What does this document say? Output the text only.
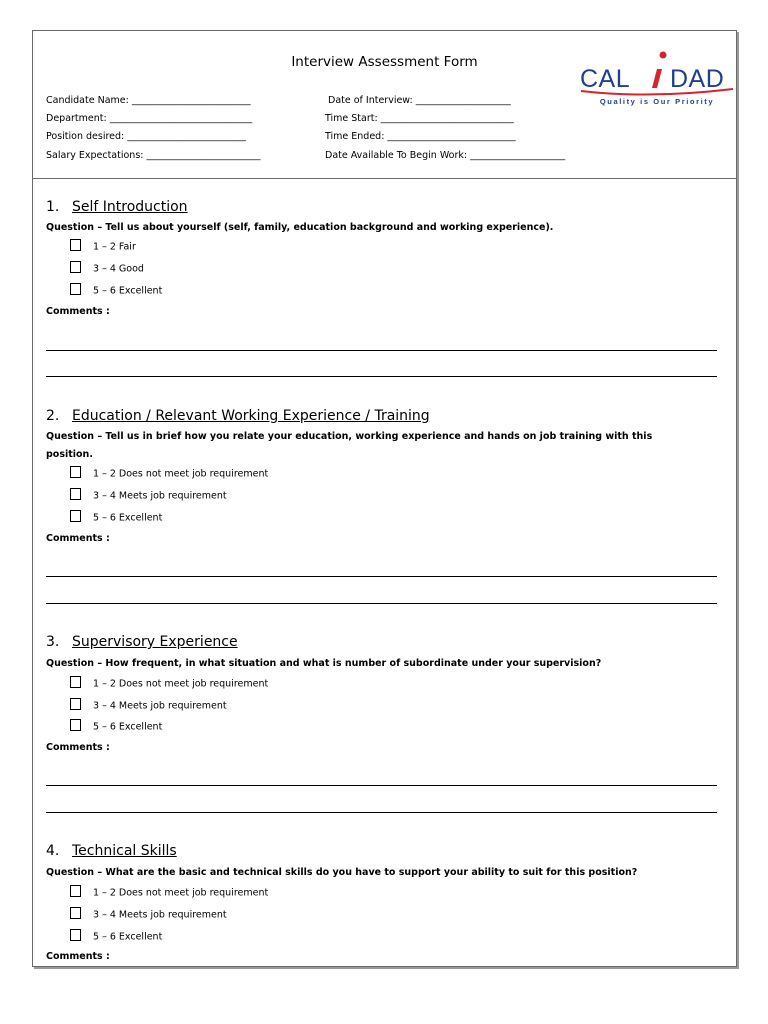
Interview Assessment Form
CAL DAD
Quality is Our Priority
Candidate Name: _________________________
Department: ______________________________
Position desired: _________________________
Salary Expectations: ________________________
Date of Interview: ____________________
Time Start: ____________________________
Time Ended: ___________________________
Date Available To Begin Work: ____________________
1. Self Introduction
Question – Tell us about yourself (self, family, education background and working experience).
1 – 2 Fair
3 – 4 Good
5 – 6 Excellent
Comments :
2. Education / Relevant Working Experience / Training
Question – Tell us in brief how you relate your education, working experience and hands on job training with this position.
1 – 2 Does not meet job requirement
3 – 4 Meets job requirement
5 – 6 Excellent
Comments :
3. Supervisory Experience
Question – How frequent, in what situation and what is number of subordinate under your supervision?
1 – 2 Does not meet job requirement
3 – 4 Meets job requirement
5 – 6 Excellent
Comments :
4. Technical Skills
Question – What are the basic and technical skills do you have to support your ability to suit for this position?
1 – 2 Does not meet job requirement
3 – 4 Meets job requirement
5 – 6 Excellent
Comments :
